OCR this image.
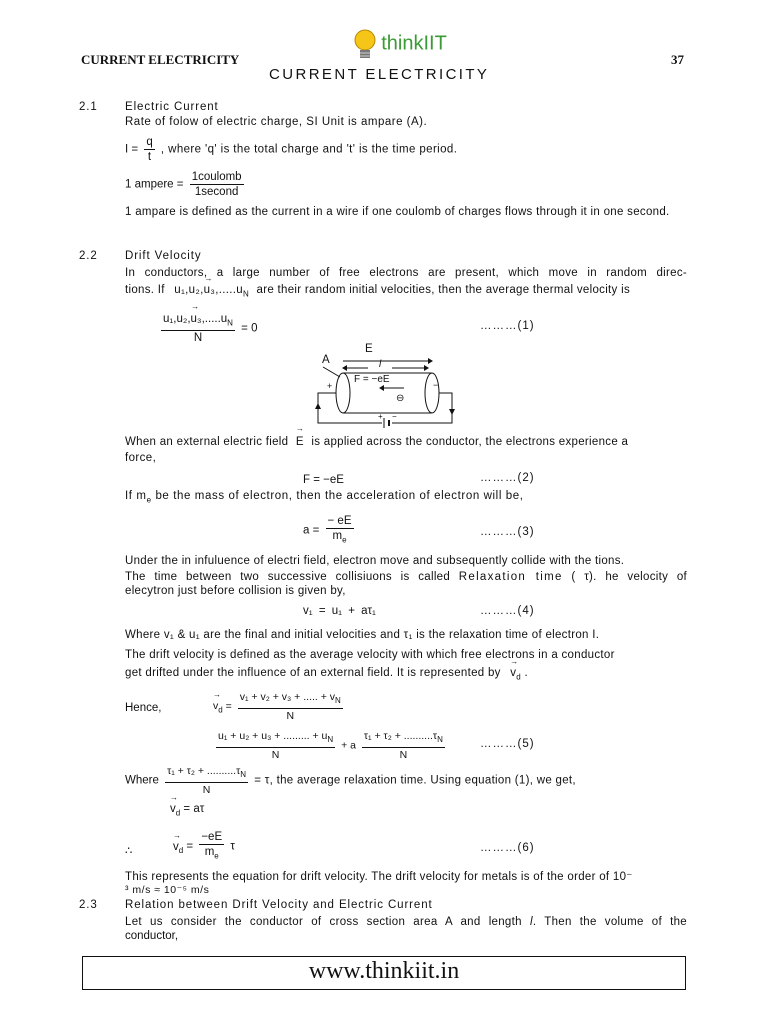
CURRENT ELECTRICITY
thinkIIT
37
CURRENT ELECTRICITY
2.1 Electric Current
Rate of folow of electric charge, SI Unit is ampare (A).
$I = \frac{q}{t}$ , where 'q' is the total charge and 't' is the time period.
1 ampere = $\frac{\text{1coulomb}}{\text{1second}}$
1 ampare is defined as the current in a wire if one coulomb of charges flows through it in one second.
2.2 Drift Velocity
In conductors, a large number of free electrons are present, which move in random direc-
tions. $If \to u_1,u_2,u_3,.....u_N$ are their random initial velocities, then the average thermal velocity is
→ $\frac{u_1,u_2,u_3,.....u_N}{N} = 0$	………(1)
E
l
A
F = −eE
+	−
⊖
+ −
When an external electric field → E is applied across the conductor, the electrons experience a
force,
F = −eE	………(2)
If $m_e$ be the mass of electron, then the acceleration of electron will be,
$a = \frac{- eE}{m_e}$	………(3)
Under the in infuluence of electri field, electron move and subsequently collide with the tions.
The time between two successive collisiuons is called Relaxation time ( τ). he velocity of
elecytron just before collision is given by,
v₁ = u₁ + aτ₁	………(4)
Where v₁ & u₁ are the final and initial velocities and τ₁ is the relaxation time of electron I.
The drift velocity is defined as the average velocity with which free electrons in a conductor
get drifted under the influence of an external field. It is represented by → $v_d$ .
Hence,	→ $v_d = \frac{v_1 + v_2 + v_3 + ..... + v_N}{N}$
$\frac{u_1 + u_2 + u_3 + ......... + u_N}{N} + a \frac{\tau_1 + \tau_2 + ..........\tau_N}{N}$	………(5)
Where $\frac{\tau_1 + \tau_2 + ..........\tau_N}{N} = \tau$, the average relaxation time. Using equation (1), we get,
→ $v_d = a\tau$
∴	→ $v_d = \frac{-eE}{m_e}$ τ	………(6)
This represents the equation for drift velocity. The drift velocity for metals is of the order of 10⁻
³ m/s ≈ 10⁻⁵ m/s
2.3 Relation between Drift Velocity and Electric Current
Let us consider the conductor of cross section area A and length l. Then the volume of the
conductor,
www.thinkiit.in
